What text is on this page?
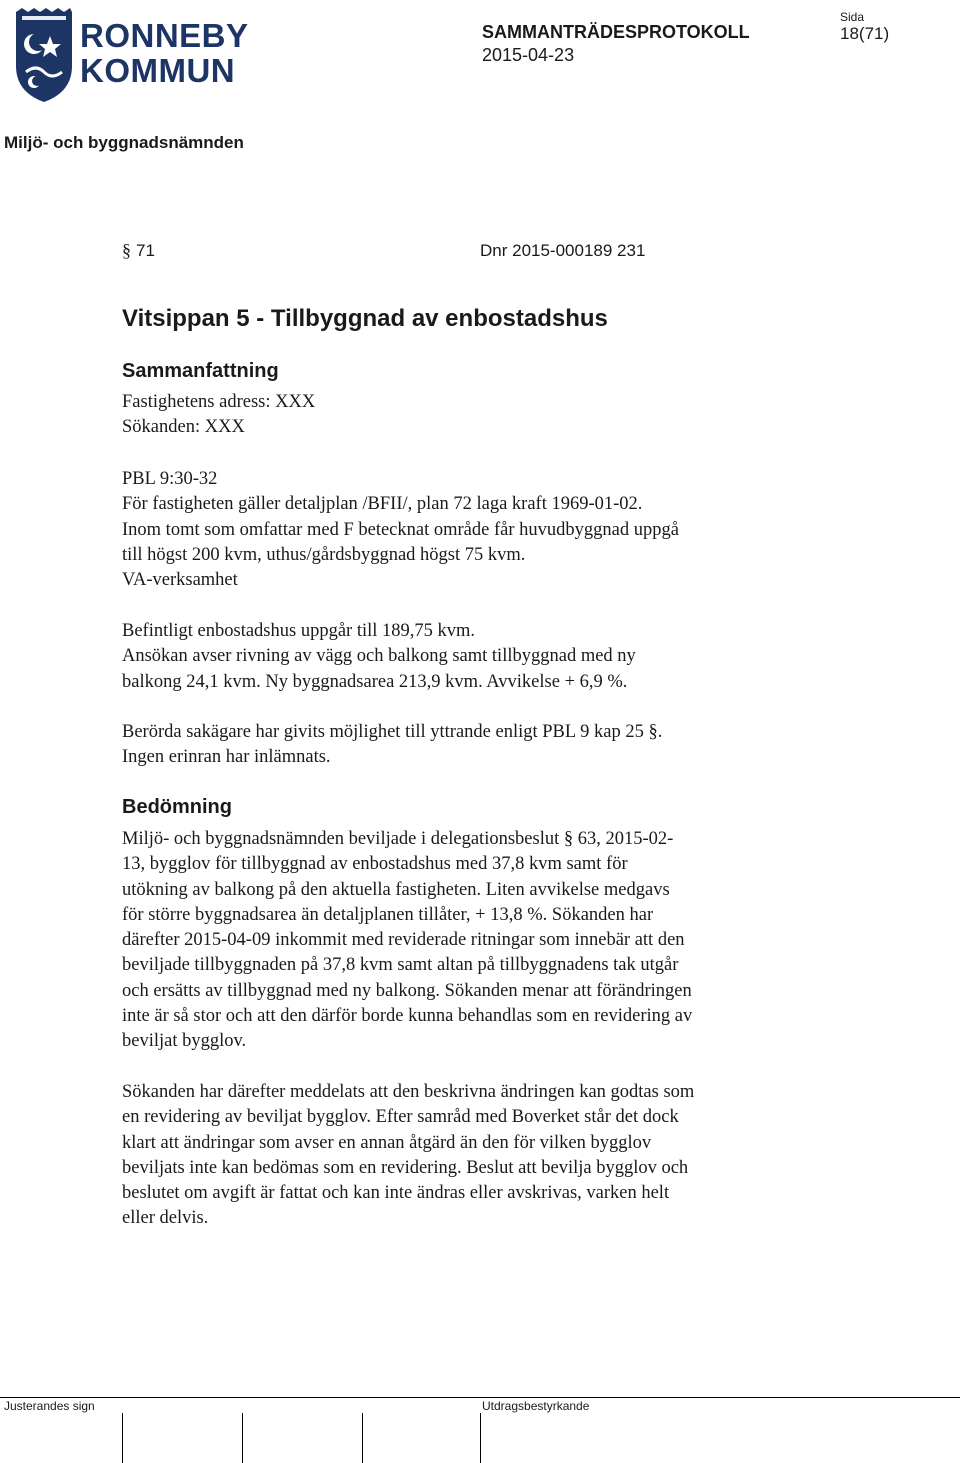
RONNEBY
KOMMUN
SAMMANTRÄDESPROTOKOLL
2015-04-23
Sida
18(71)
Miljö- och byggnadsnämnden
§ 71	Dnr 2015-000189 231
Vitsippan 5 - Tillbyggnad av enbostadshus
Sammanfattning
Fastighetens adress: XXX
Sökanden: XXX
PBL 9:30-32
För fastigheten gäller detaljplan /BFII/, plan 72 laga kraft 1969-01-02.
Inom tomt som omfattar med F betecknat område får huvudbyggnad uppgå
till högst 200 kvm, uthus/gårdsbyggnad högst 75 kvm.
VA-verksamhet
Befintligt enbostadshus uppgår till 189,75 kvm.
Ansökan avser rivning av vägg och balkong samt tillbyggnad med ny
balkong 24,1 kvm. Ny byggnadsarea 213,9 kvm. Avvikelse + 6,9 %.
Berörda sakägare har givits möjlighet till yttrande enligt PBL 9 kap 25 §.
Ingen erinran har inlämnats.
Bedömning
Miljö- och byggnadsnämnden beviljade i delegationsbeslut § 63, 2015-02-
13, bygglov för tillbyggnad av enbostadshus med 37,8 kvm samt för
utökning av balkong på den aktuella fastigheten. Liten avvikelse medgavs
för större byggnadsarea än detaljplanen tillåter, + 13,8 %. Sökanden har
därefter 2015-04-09 inkommit med reviderade ritningar som innebär att den
beviljade tillbyggnaden på 37,8 kvm samt altan på tillbyggnadens tak utgår
och ersätts av tillbyggnad med ny balkong. Sökanden menar att förändringen
inte är så stor och att den därför borde kunna behandlas som en revidering av
beviljat bygglov.
Sökanden har därefter meddelats att den beskrivna ändringen kan godtas som
en revidering av beviljat bygglov. Efter samråd med Boverket står det dock
klart att ändringar som avser en annan åtgärd än den för vilken bygglov
beviljats inte kan bedömas som en revidering. Beslut att bevilja bygglov och
beslutet om avgift är fattat och kan inte ändras eller avskrivas, varken helt
eller delvis.
Justerandes sign	Utdragsbestyrkande
